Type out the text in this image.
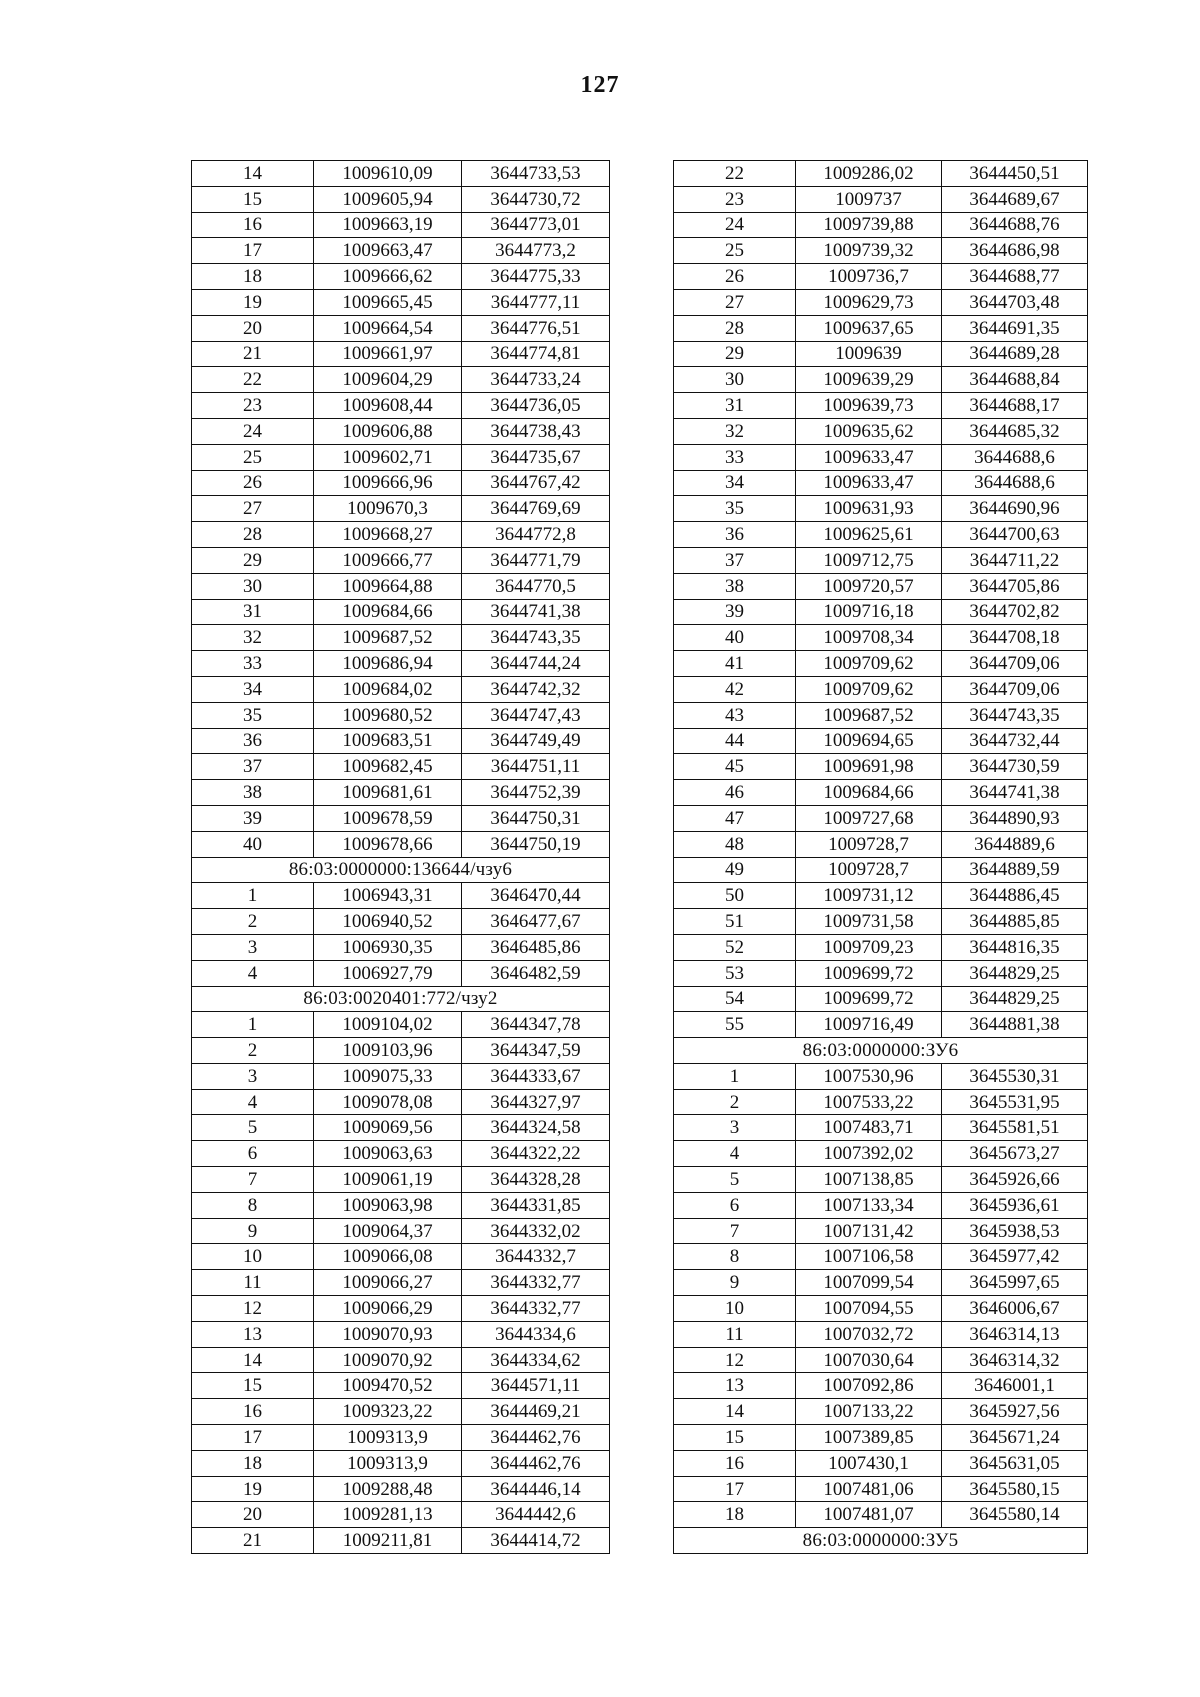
127
14	1009610,09	3644733,53
15	1009605,94	3644730,72
16	1009663,19	3644773,01
17	1009663,47	3644773,2
18	1009666,62	3644775,33
19	1009665,45	3644777,11
20	1009664,54	3644776,51
21	1009661,97	3644774,81
22	1009604,29	3644733,24
23	1009608,44	3644736,05
24	1009606,88	3644738,43
25	1009602,71	3644735,67
26	1009666,96	3644767,42
27	1009670,3	3644769,69
28	1009668,27	3644772,8
29	1009666,77	3644771,79
30	1009664,88	3644770,5
31	1009684,66	3644741,38
32	1009687,52	3644743,35
33	1009686,94	3644744,24
34	1009684,02	3644742,32
35	1009680,52	3644747,43
36	1009683,51	3644749,49
37	1009682,45	3644751,11
38	1009681,61	3644752,39
39	1009678,59	3644750,31
40	1009678,66	3644750,19
86:03:0000000:136644/чзу6		
1	1006943,31	3646470,44
2	1006940,52	3646477,67
3	1006930,35	3646485,86
4	1006927,79	3646482,59
86:03:0020401:772/чзу2		
1	1009104,02	3644347,78
2	1009103,96	3644347,59
3	1009075,33	3644333,67
4	1009078,08	3644327,97
5	1009069,56	3644324,58
6	1009063,63	3644322,22
7	1009061,19	3644328,28
8	1009063,98	3644331,85
9	1009064,37	3644332,02
10	1009066,08	3644332,7
11	1009066,27	3644332,77
12	1009066,29	3644332,77
13	1009070,93	3644334,6
14	1009070,92	3644334,62
15	1009470,52	3644571,11
16	1009323,22	3644469,21
17	1009313,9	3644462,76
18	1009313,9	3644462,76
19	1009288,48	3644446,14
20	1009281,13	3644442,6
21	1009211,81	3644414,72
22	1009286,02	3644450,51
23	1009737	3644689,67
24	1009739,88	3644688,76
25	1009739,32	3644686,98
26	1009736,7	3644688,77
27	1009629,73	3644703,48
28	1009637,65	3644691,35
29	1009639	3644689,28
30	1009639,29	3644688,84
31	1009639,73	3644688,17
32	1009635,62	3644685,32
33	1009633,47	3644688,6
34	1009633,47	3644688,6
35	1009631,93	3644690,96
36	1009625,61	3644700,63
37	1009712,75	3644711,22
38	1009720,57	3644705,86
39	1009716,18	3644702,82
40	1009708,34	3644708,18
41	1009709,62	3644709,06
42	1009709,62	3644709,06
43	1009687,52	3644743,35
44	1009694,65	3644732,44
45	1009691,98	3644730,59
46	1009684,66	3644741,38
47	1009727,68	3644890,93
48	1009728,7	3644889,6
49	1009728,7	3644889,59
50	1009731,12	3644886,45
51	1009731,58	3644885,85
52	1009709,23	3644816,35
53	1009699,72	3644829,25
54	1009699,72	3644829,25
55	1009716,49	3644881,38
86:03:0000000:ЗУ6		
1	1007530,96	3645530,31
2	1007533,22	3645531,95
3	1007483,71	3645581,51
4	1007392,02	3645673,27
5	1007138,85	3645926,66
6	1007133,34	3645936,61
7	1007131,42	3645938,53
8	1007106,58	3645977,42
9	1007099,54	3645997,65
10	1007094,55	3646006,67
11	1007032,72	3646314,13
12	1007030,64	3646314,32
13	1007092,86	3646001,1
14	1007133,22	3645927,56
15	1007389,85	3645671,24
16	1007430,1	3645631,05
17	1007481,06	3645580,15
18	1007481,07	3645580,14
86:03:0000000:ЗУ5		
